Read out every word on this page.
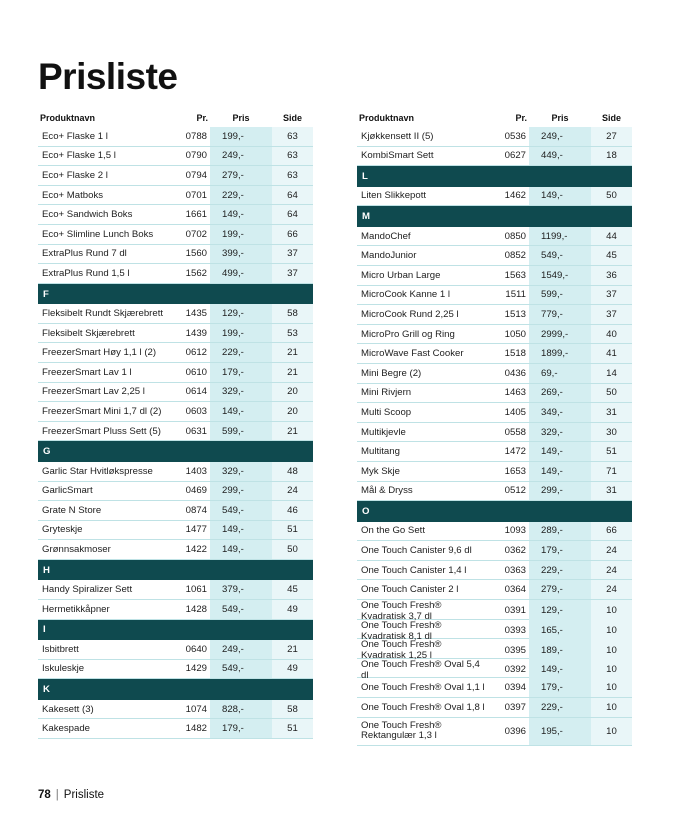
Prisliste
Produktnavn	Pr.	Pris	Side
Eco+ Flaske 1 l	0788	199,-	63
Eco+ Flaske 1,5 l	0790	249,-	63
Eco+ Flaske 2 l	0794	279,-	63
Eco+ Matboks	0701	229,-	64
Eco+ Sandwich Boks	1661	149,-	64
Eco+ Slimline Lunch Boks	0702	199,-	66
ExtraPlus Rund 7 dl	1560	399,-	37
ExtraPlus Rund 1,5 l	1562	499,-	37
F
Fleksibelt Rundt Skjærebrett	1435	129,-	58
Fleksibelt Skjærebrett	1439	199,-	53
FreezerSmart Høy 1,1 l (2)	0612	229,-	21
FreezerSmart Lav 1 l	0610	179,-	21
FreezerSmart Lav 2,25 l	0614	329,-	20
FreezerSmart Mini 1,7 dl (2)	0603	149,-	20
FreezerSmart Pluss Sett (5)	0631	599,-	21
G
Garlic Star Hvitløkspresse	1403	329,-	48
GarlicSmart	0469	299,-	24
Grate N Store	0874	549,-	46
Gryteskje	1477	149,-	51
Grønnsakmoser	1422	149,-	50
H
Handy Spiralizer Sett	1061	379,-	45
Hermetikkåpner	1428	549,-	49
I
Isbitbrett	0640	249,-	21
Iskuleskje	1429	549,-	49
K
Kakesett (3)	1074	828,-	58
Kakespade	1482	179,-	51
Produktnavn	Pr.	Pris	Side
Kjøkkensett II (5)	0536	249,-	27
KombiSmart Sett	0627	449,-	18
L
Liten Slikkepott	1462	149,-	50
M
MandoChef	0850	1199,-	44
MandoJunior	0852	549,-	45
Micro Urban Large	1563	1549,-	36
MicroCook Kanne 1 l	1511	599,-	37
MicroCook Rund 2,25 l	1513	779,-	37
MicroPro Grill og Ring	1050	2999,-	40
MicroWave Fast Cooker	1518	1899,-	41
Mini Begre (2)	0436	69,-	14
Mini Rivjern	1463	269,-	50
Multi Scoop	1405	349,-	31
Multikjevle	0558	329,-	30
Multitang	1472	149,-	51
Myk Skje	1653	149,-	71
Mål & Dryss	0512	299,-	31
O
On the Go Sett	1093	289,-	66
One Touch Canister 9,6 dl	0362	179,-	24
One Touch Canister 1,4 l	0363	229,-	24
One Touch Canister 2 l	0364	279,-	24
One Touch Fresh® Kvadratisk 3,7 dl	0391	129,-	10
One Touch Fresh® Kvadratisk 8,1 dl	0393	165,-	10
One Touch Fresh® Kvadratisk 1,25 l	0395	189,-	10
One Touch Fresh® Oval 5,4 dl	0392	149,-	10
One Touch Fresh® Oval 1,1 l	0394	179,-	10
One Touch Fresh® Oval 1,8 l	0397	229,-	10
One Touch Fresh® Rektangulær 1,3 l	0396	195,-	10
78 | Prisliste
